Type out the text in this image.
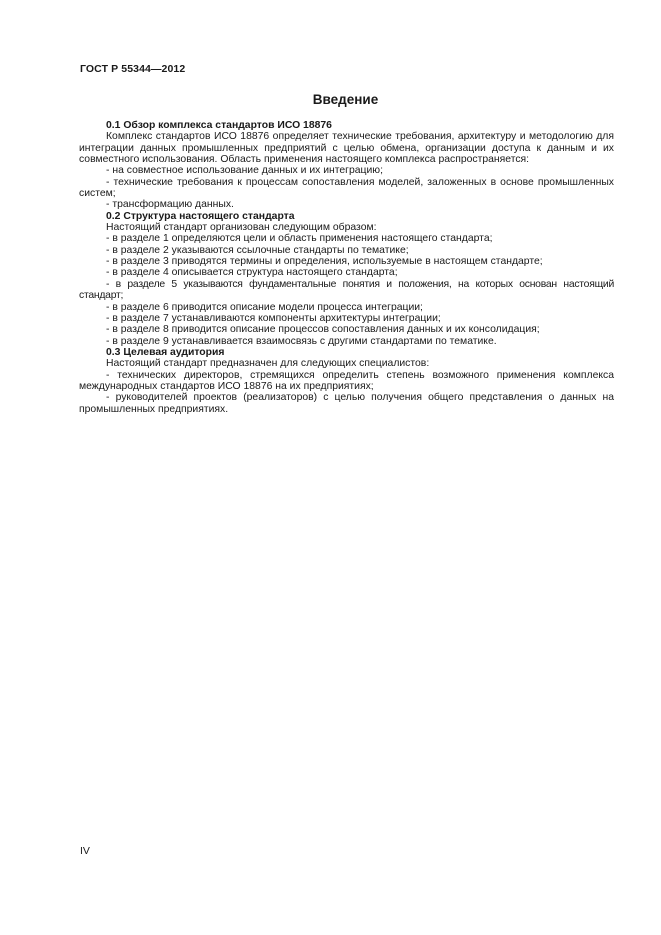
ГОСТ Р 55344—2012
Введение

0.1 Обзор комплекса стандартов ИСО 18876

Комплекс стандартов ИСО 18876 определяет технические требования, архитектуру и методологию для интеграции данных промышленных предприятий с целью обмена, организации доступа к данным и их совместного использования. Область применения настоящего комплекса распространяется:

- на совместное использование данных и их интеграцию;

- технические требования к процессам сопоставления моделей, заложенных в основе промышленных систем;

- трансформацию данных.

0.2 Структура настоящего стандарта

Настоящий стандарт организован следующим образом:

- в разделе 1 определяются цели и область применения настоящего стандарта;

- в разделе 2 указываются ссылочные стандарты по тематике;

- в разделе 3 приводятся термины и определения, используемые в настоящем стандарте;

- в разделе 4 описывается структура настоящего стандарта;

- в разделе 5 указываются фундаментальные понятия и положения, на которых основан настоящий стандарт;

- в разделе 6 приводится описание модели процесса интеграции;

- в разделе 7 устанавливаются компоненты архитектуры интеграции;

- в разделе 8 приводится описание процессов сопоставления данных и их консолидация;

- в разделе 9 устанавливается взаимосвязь с другими стандартами по тематике.

0.3 Целевая аудитория

Настоящий стандарт предназначен для следующих специалистов:

- технических директоров, стремящихся определить степень возможного применения комплекса международных стандартов ИСО 18876 на их предприятиях;

- руководителей проектов (реализаторов) с целью получения общего представления о данных на промышленных предприятиях.

IV
